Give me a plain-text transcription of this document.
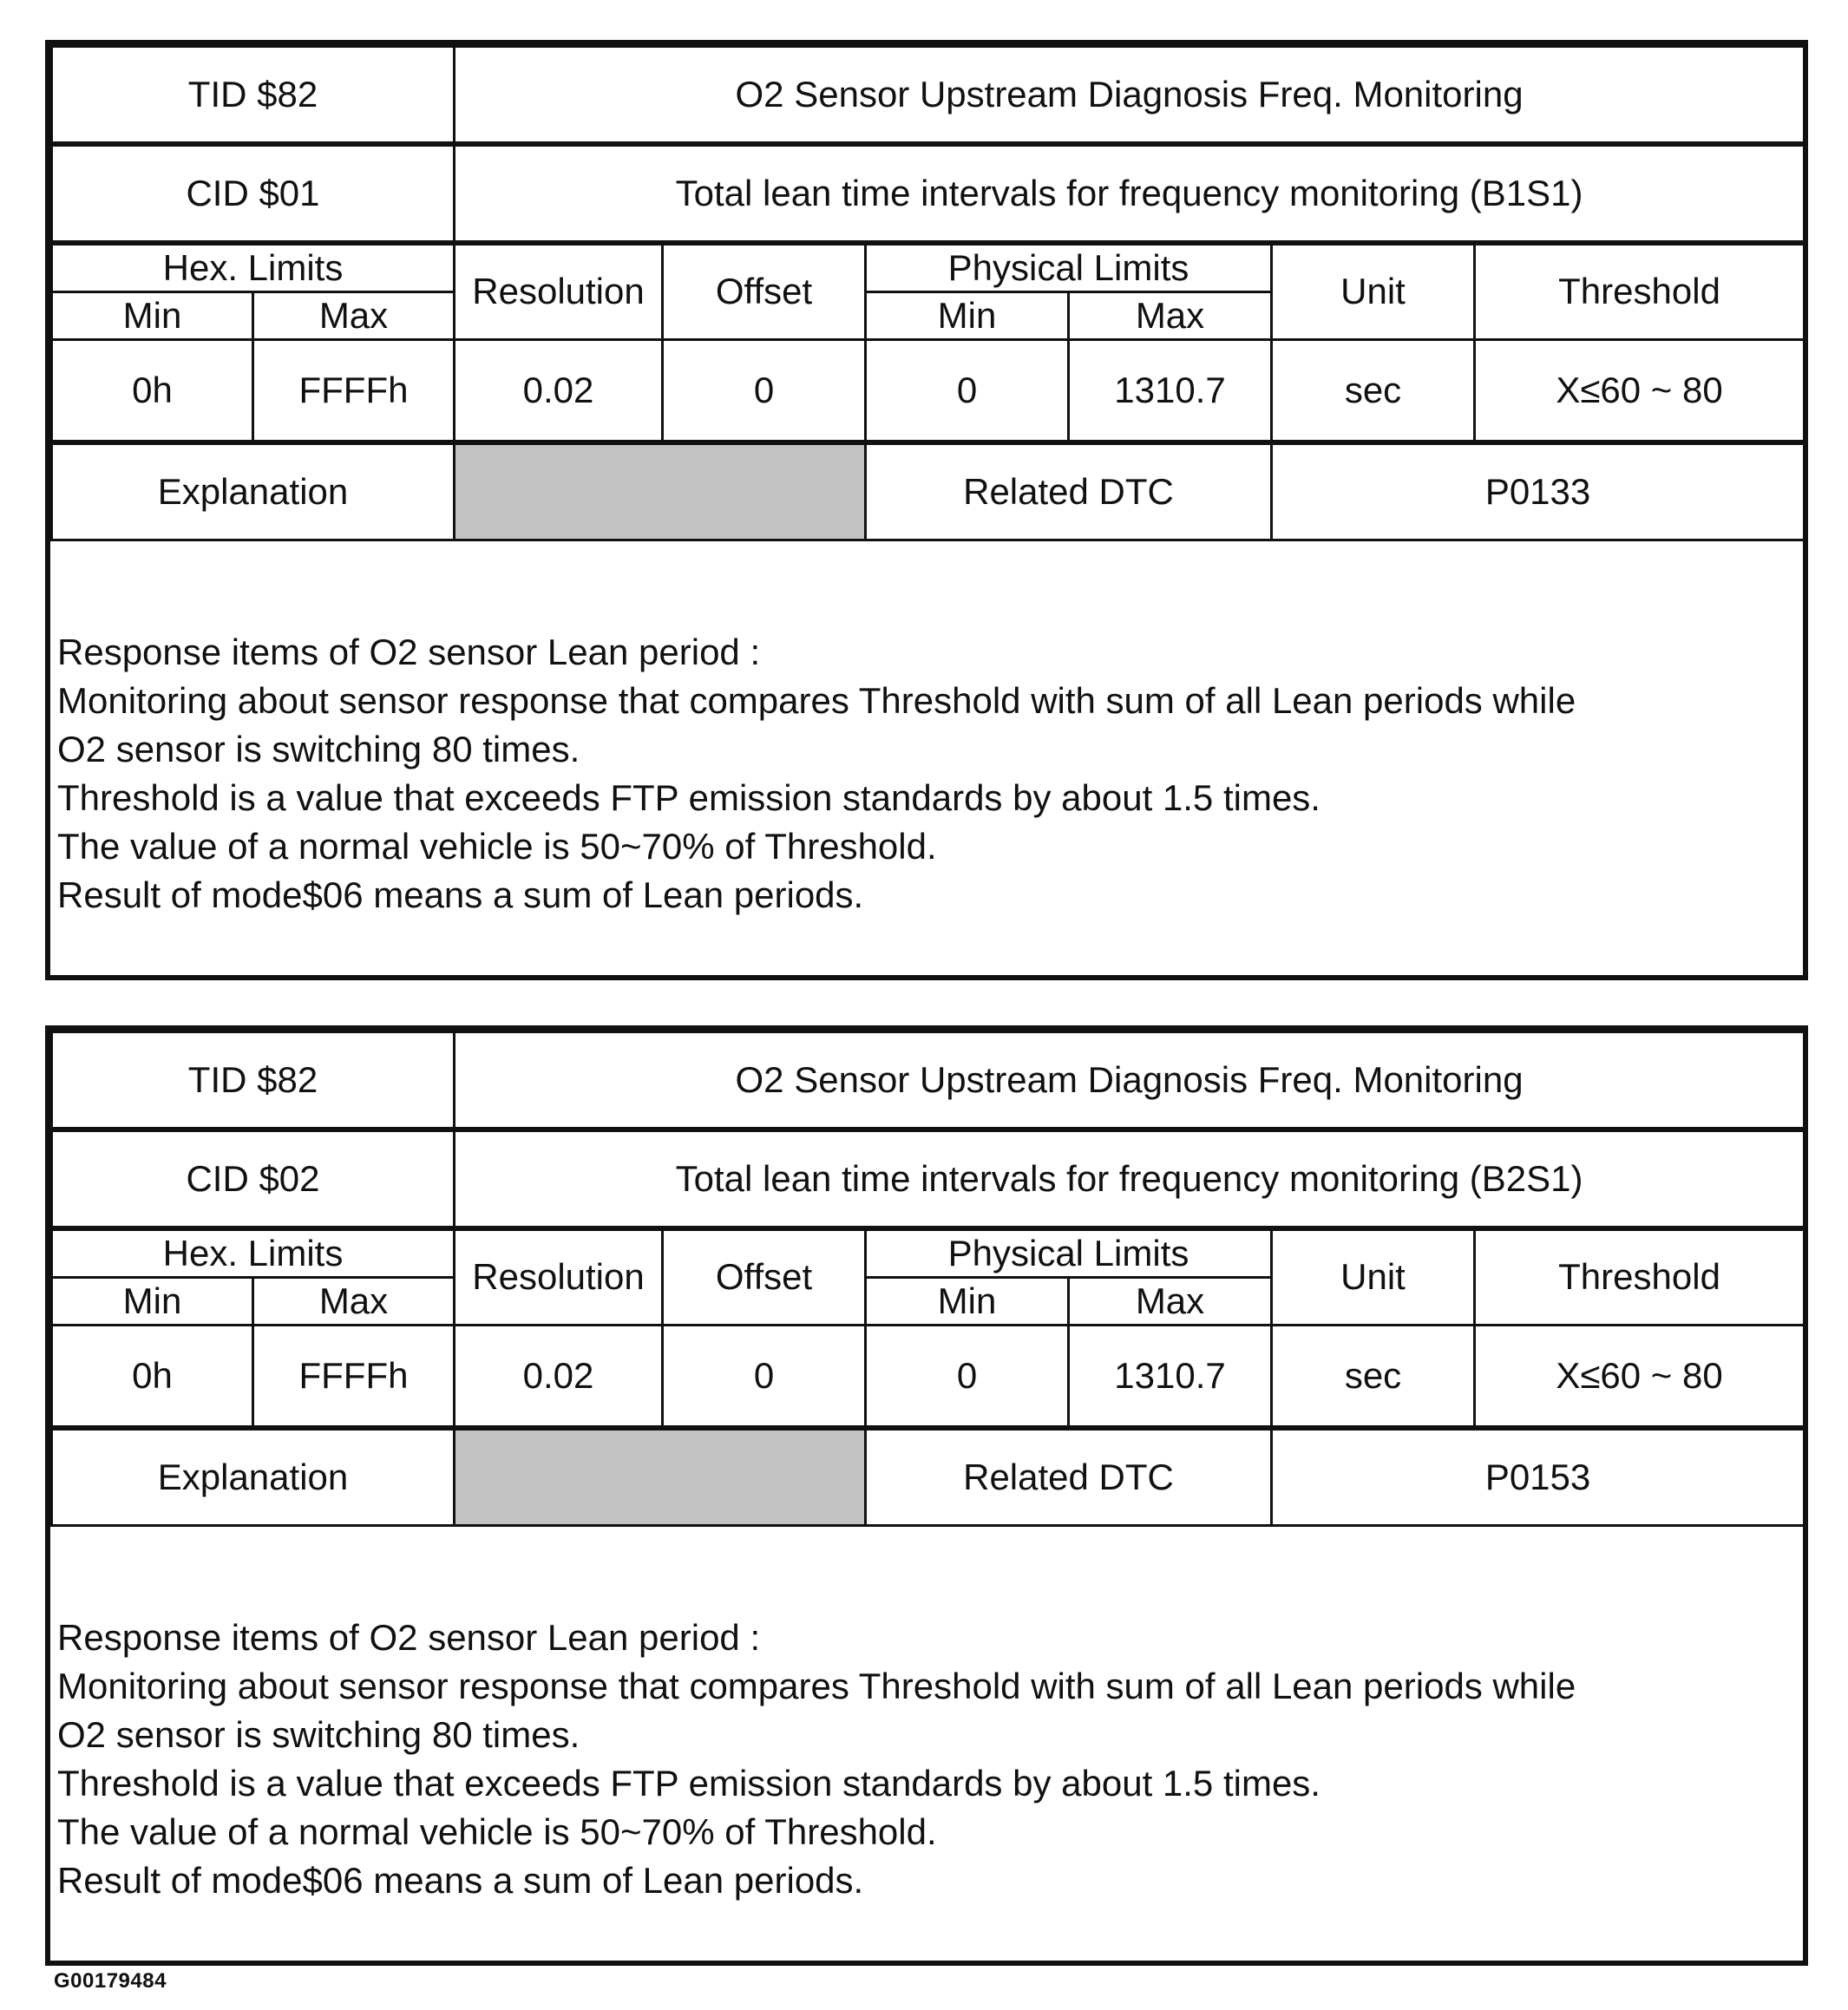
TID $82		O2 Sensor Upstream Diagnosis Freq. Monitoring					
CID $01		Total lean time intervals for frequency monitoring (B1S1)					
Hex. Limits		Resolution	Offset	Physical Limits		Unit	Threshold
Min	Max			Min	Max		
0h	FFFFh	0.02	0	0	1310.7	sec	X≤60 ~ 80
Explanation				Related DTC		P0133	
Response items of O2 sensor Lean period :
Monitoring about sensor response that compares Threshold with sum of all Lean periods while
O2 sensor is switching 80 times.
Threshold is a value that exceeds FTP emission standards by about 1.5 times.
The value of a normal vehicle is 50~70% of Threshold.
Result of mode$06 means a sum of Lean periods.
TID $82		O2 Sensor Upstream Diagnosis Freq. Monitoring					
CID $02		Total lean time intervals for frequency monitoring (B2S1)					
Hex. Limits		Resolution	Offset	Physical Limits		Unit	Threshold
Min	Max			Min	Max		
0h	FFFFh	0.02	0	0	1310.7	sec	X≤60 ~ 80
Explanation				Related DTC		P0153	
Response items of O2 sensor Lean period :
Monitoring about sensor response that compares Threshold with sum of all Lean periods while
O2 sensor is switching 80 times.
Threshold is a value that exceeds FTP emission standards by about 1.5 times.
The value of a normal vehicle is 50~70% of Threshold.
Result of mode$06 means a sum of Lean periods.
G00179484
